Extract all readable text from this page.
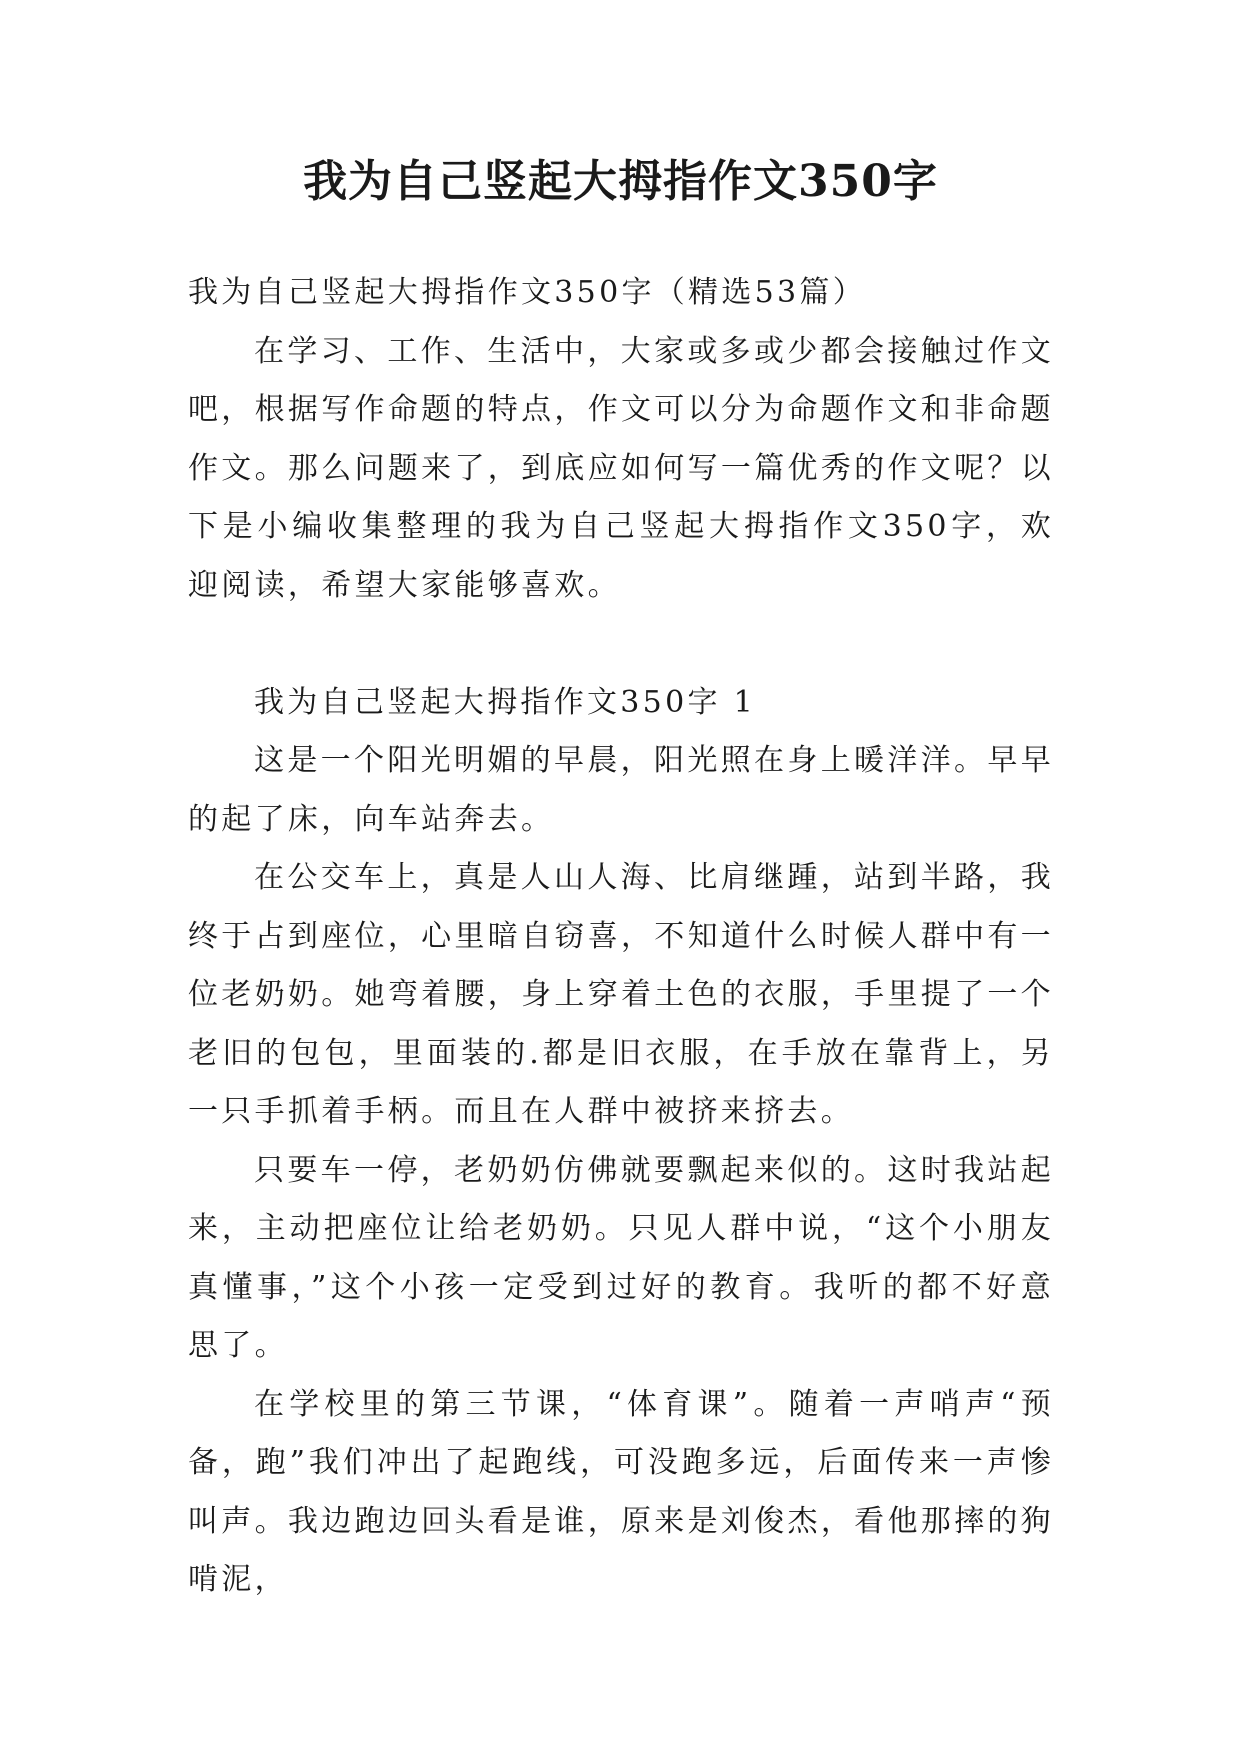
我为自己竖起大拇指作文350字

我为自己竖起大拇指作文350字（精选53篇）

在学习、工作、生活中，大家或多或少都会接触过作文吧，根据写作命题的特点，作文可以分为命题作文和非命题作文。那么问题来了，到底应如何写一篇优秀的作文呢？以下是小编收集整理的我为自己竖起大拇指作文350字，欢迎阅读，希望大家能够喜欢。

我为自己竖起大拇指作文350字 1

这是一个阳光明媚的早晨，阳光照在身上暖洋洋。早早的起了床，向车站奔去。

在公交车上，真是人山人海、比肩继踵，站到半路，我终于占到座位，心里暗自窃喜，不知道什么时候人群中有一位老奶奶。她弯着腰，身上穿着土色的衣服，手里提了一个老旧的包包，里面装的.都是旧衣服，在手放在靠背上，另一只手抓着手柄。而且在人群中被挤来挤去。

只要车一停，老奶奶仿佛就要飘起来似的。这时我站起来，主动把座位让给老奶奶。只见人群中说，“这个小朋友真懂事，”这个小孩一定受到过好的教育。我听的都不好意思了。

在学校里的第三节课，“体育课”。随着一声哨声“预备，跑”我们冲出了起跑线，可没跑多远，后面传来一声惨叫声。我边跑边回头看是谁，原来是刘俊杰，看他那摔的狗啃泥，
